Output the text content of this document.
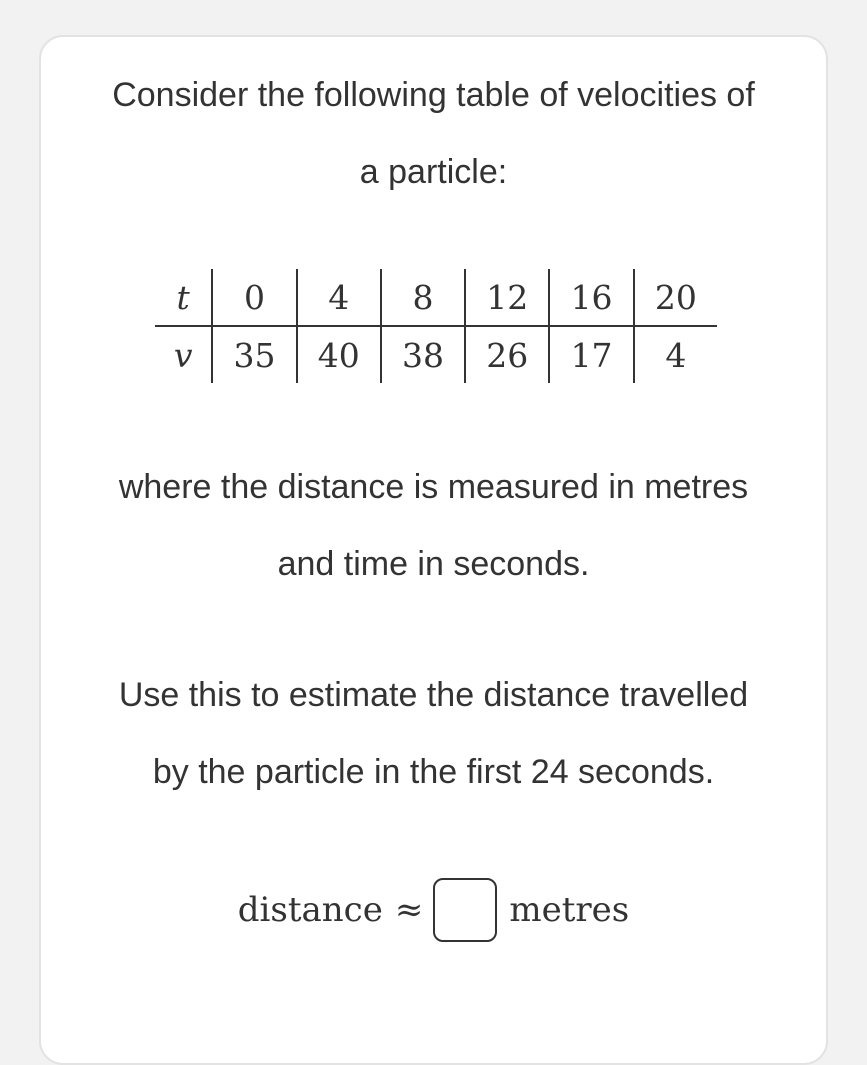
Consider the following table of velocities of
a particle:
t	0	4	8	12	16	20
v	35	40	38	26	17	4
where the distance is measured in metres
and time in seconds.
Use this to estimate the distance travelled
by the particle in the first 24 seconds.
distance ≈	metres
